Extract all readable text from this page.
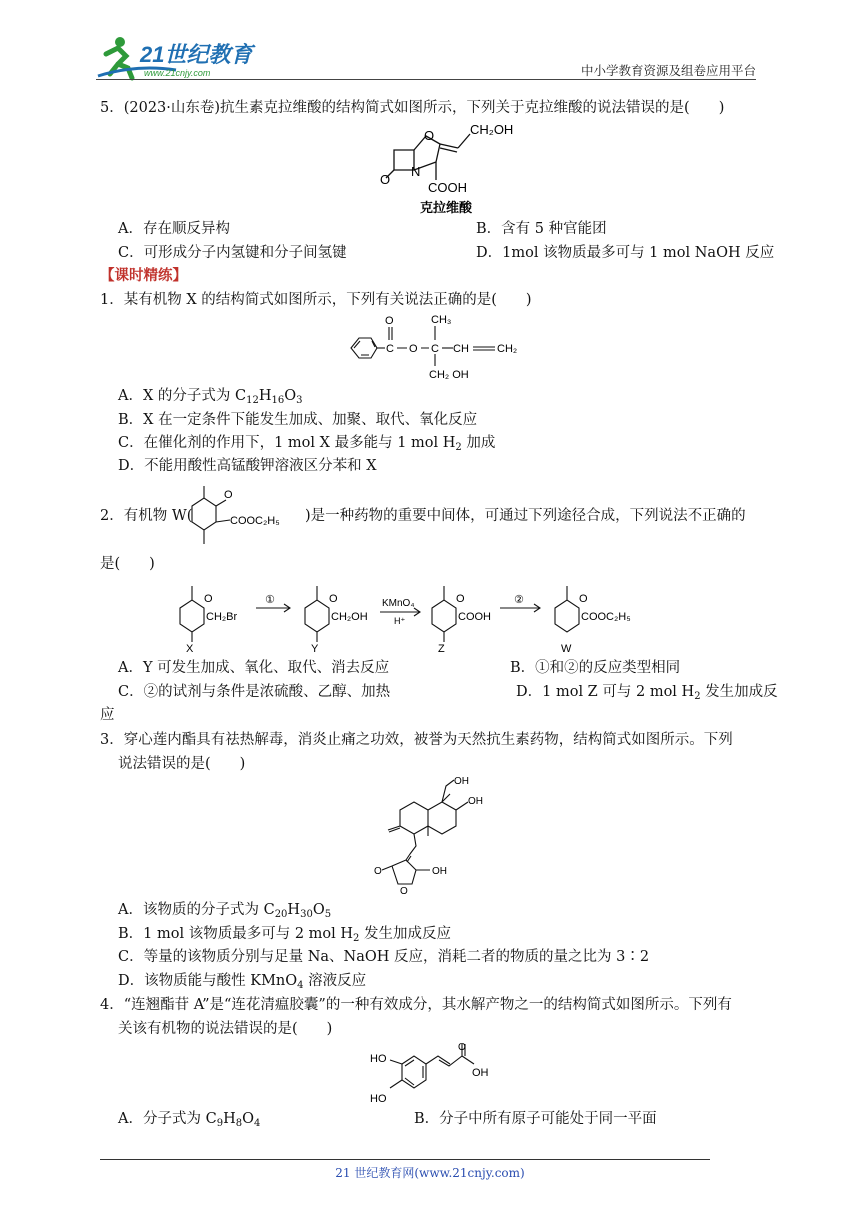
21世纪教育
www.21cnjy.com	中小学教育资源及组卷应用平台
5．(2023·山东卷)抗生素克拉维酸的结构简式如图所示，下列关于克拉维酸的说法错误的是(　　)
O
N
O
CH₂OH
COOH
克拉维酸
A．存在顺反异构	B．含有 5 种官能团
C．可形成分子内氢键和分子间氢键	D．1mol 该物质最多可与 1 mol NaOH 反应
【课时精练】
1．某有机物 X 的结构简式如图所示，下列有关说法正确的是(　　)
O
C O C
CH₃
CH	CH₂
CH₂ OH
A．X 的分子式为 $C_{12}H_{16}O_3$
B．X 在一定条件下能发生加成、加聚、取代、氧化反应
C．在催化剂的作用下，1 mol X 最多能与 1 mol $H_2$ 加成
D．不能用酸性高锰酸钾溶液区分苯和 X
2．有机物 W(
O
COOC₂H₅ )是一种药物的重要中间体，可通过下列途径合成，下列说法不正确的
是(　　)
O
CH₂Br
X
①	O
CH₂OH
Y
KMnO₄
H⁺
O
COOH
Z
②	O
COOC₂H₅
W
A．Y 可发生加成、氧化、取代、消去反应	B．①和②的反应类型相同
C．②的试剂与条件是浓硫酸、乙醇、加热	D．1 mol Z 可与 2 mol $H_2$ 发生加成反
应
3．穿心莲内酯具有祛热解毒，消炎止痛之功效，被誉为天然抗生素药物，结构简式如图所示。下列
说法错误的是(　　)
OH
OH
OH
O
O
A．该物质的分子式为 $C_{20}H_{30}O_5$
B．1 mol 该物质最多可与 2 mol $H_2$ 发生加成反应
C．等量的该物质分别与足量 Na、NaOH 反应，消耗二者的物质的量之比为 3∶2
D．该物质能与酸性 KMnO$_4$ 溶液反应
4．“连翘酯苷 A”是“连花清瘟胶囊”的一种有效成分，其水解产物之一的结构简式如图所示。下列有
关该有机物的说法错误的是(　　)
HO
HO
O
OH
A．分子式为 $C_9H_8O_4$	B．分子中所有原子可能处于同一平面
21 世纪教育网(www.21cnjy.com)
